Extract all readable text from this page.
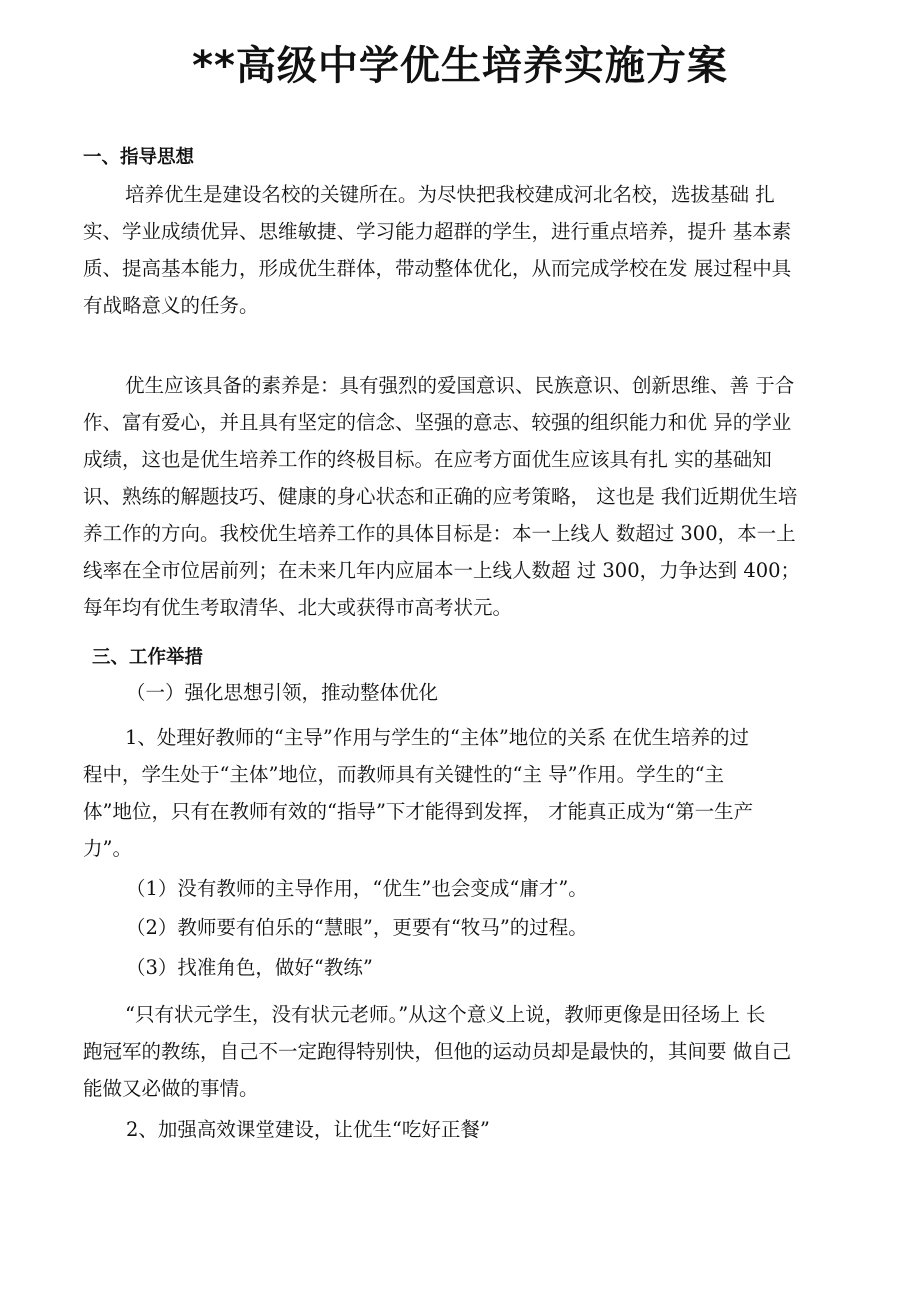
**高级中学优生培养实施方案
一、指导思想
培养优生是建设名校的关键所在。为尽快把我校建成河北名校，选拔基础 扎
实、学业成绩优异、思维敏捷、学习能力超群的学生，进行重点培养，提升 基本素
质、提高基本能力，形成优生群体，带动整体优化，从而完成学校在发 展过程中具
有战略意义的任务。
优生应该具备的素养是：具有强烈的爱国意识、民族意识、创新思维、善 于合
作、富有爱心，并且具有坚定的信念、坚强的意志、较强的组织能力和优 异的学业
成绩，这也是优生培养工作的终极目标。在应考方面优生应该具有扎 实的基础知
识、熟练的解题技巧、健康的身心状态和正确的应考策略， 这也是 我们近期优生培
养工作的方向。我校优生培养工作的具体目标是：本一上线人 数超过 300，本一上
线率在全市位居前列；在未来几年内应届本一上线人数超 过 300，力争达到 400；
每年均有优生考取清华、北大或获得市高考状元。
三、工作举措
（一）强化思想引领，推动整体优化
1、处理好教师的“主导”作用与学生的“主体”地位的关系 在优生培养的过
程中，学生处于“主体”地位，而教师具有关键性的“主 导”作用。学生的“主
体”地位，只有在教师有效的“指导”下才能得到发挥， 才能真正成为“第一生产
力”。
（1）没有教师的主导作用，“优生”也会变成“庸才”。
（2）教师要有伯乐的“慧眼”，更要有“牧马”的过程。
（3）找准角色，做好“教练”
“只有状元学生，没有状元老师。”从这个意义上说，教师更像是田径场上 长
跑冠军的教练，自己不一定跑得特别快，但他的运动员却是最快的，其间要 做自己
能做又必做的事情。
2、加强高效课堂建设，让优生“吃好正餐”
